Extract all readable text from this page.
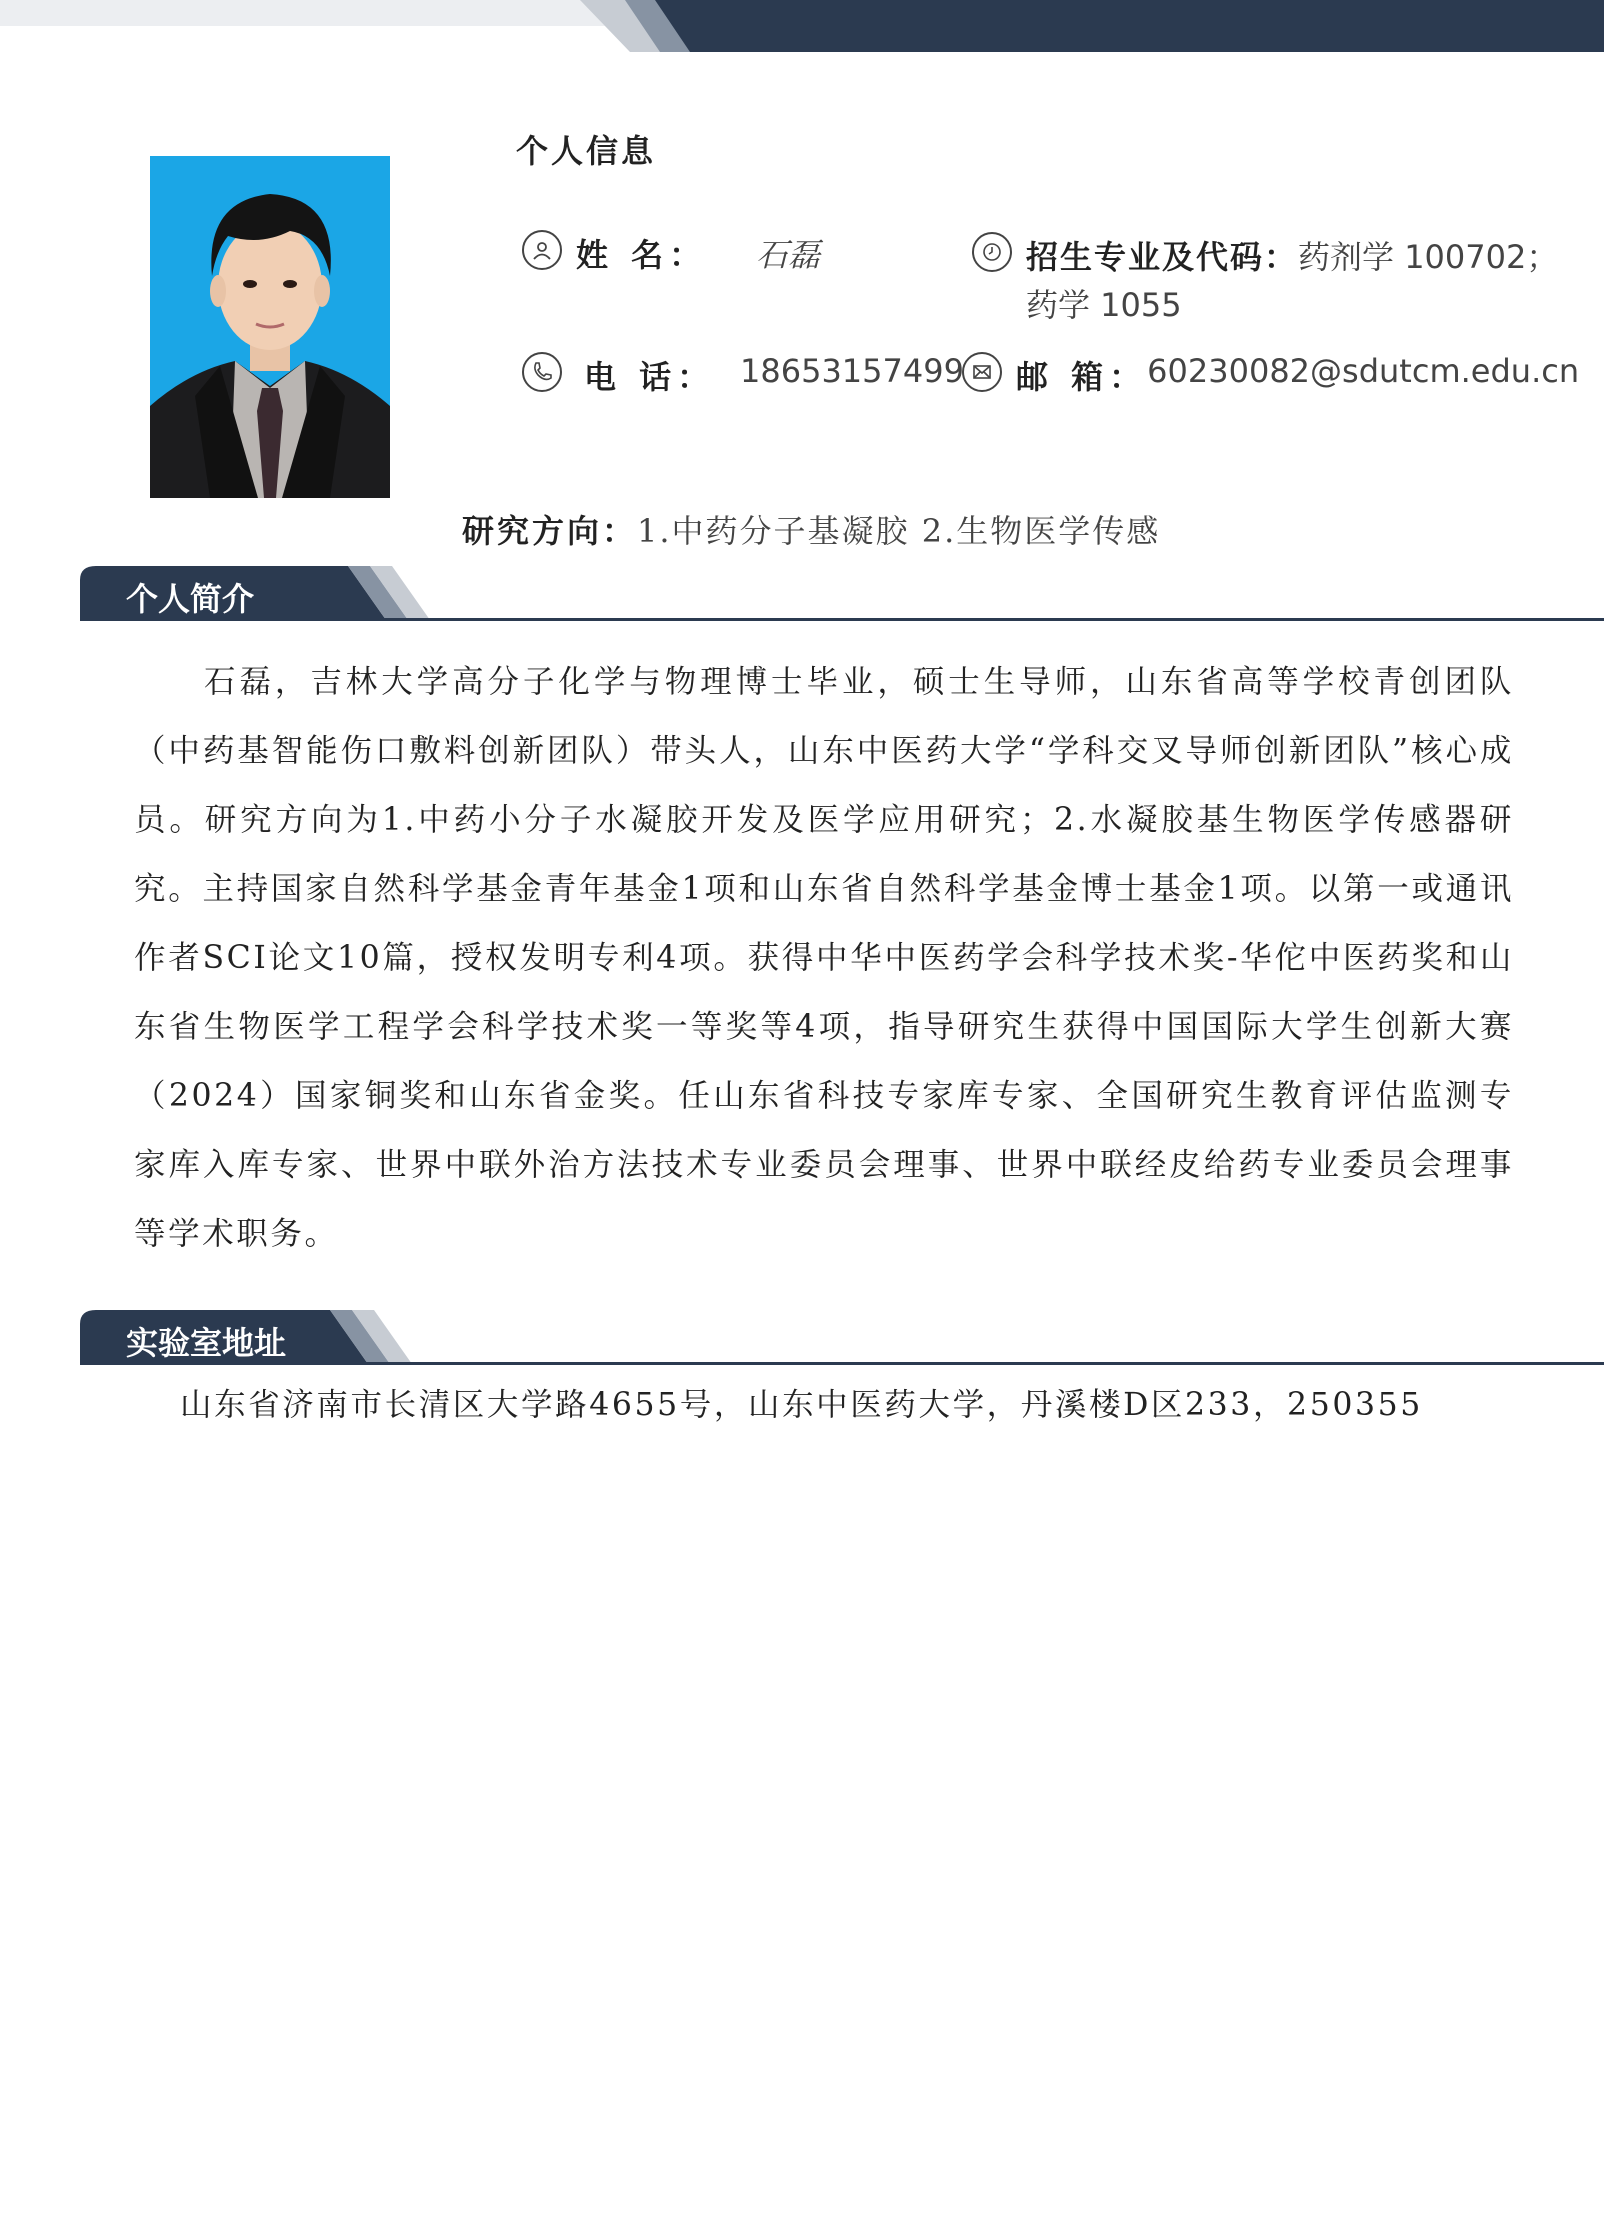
个人信息
姓 名：	石磊	招生专业及代码：药剂学 100702；
药学 1055
电 话： 18653157499 邮 箱： 60230082@sdutcm.edu.cn
研究方向：1.中药分子基凝胶 2.生物医学传感
个人简介
石磊，吉林大学高分子化学与物理博士毕业，硕士生导师，山东省高等学校青创团队（中药基智能伤口敷料创新团队）带头人，山东中医药大学“学科交叉导师创新团队”核心成员。研究方向为1.中药小分子水凝胶开发及医学应用研究；2.水凝胶基生物医学传感器研究。主持国家自然科学基金青年基金1项和山东省自然科学基金博士基金1项。以第一或通讯作者SCI论文10篇，授权发明专利4项。获得中华中医药学会科学技术奖-华佗中医药奖和山东省生物医学工程学会科学技术奖一等奖等4项，指导研究生获得中国国际大学生创新大赛（2024）国家铜奖和山东省金奖。任山东省科技专家库专家、全国研究生教育评估监测专家库入库专家、世界中联外治方法技术专业委员会理事、世界中联经皮给药专业委员会理事等学术职务。
实验室地址
山东省济南市长清区大学路4655号，山东中医药大学，丹溪楼D区233，250355
